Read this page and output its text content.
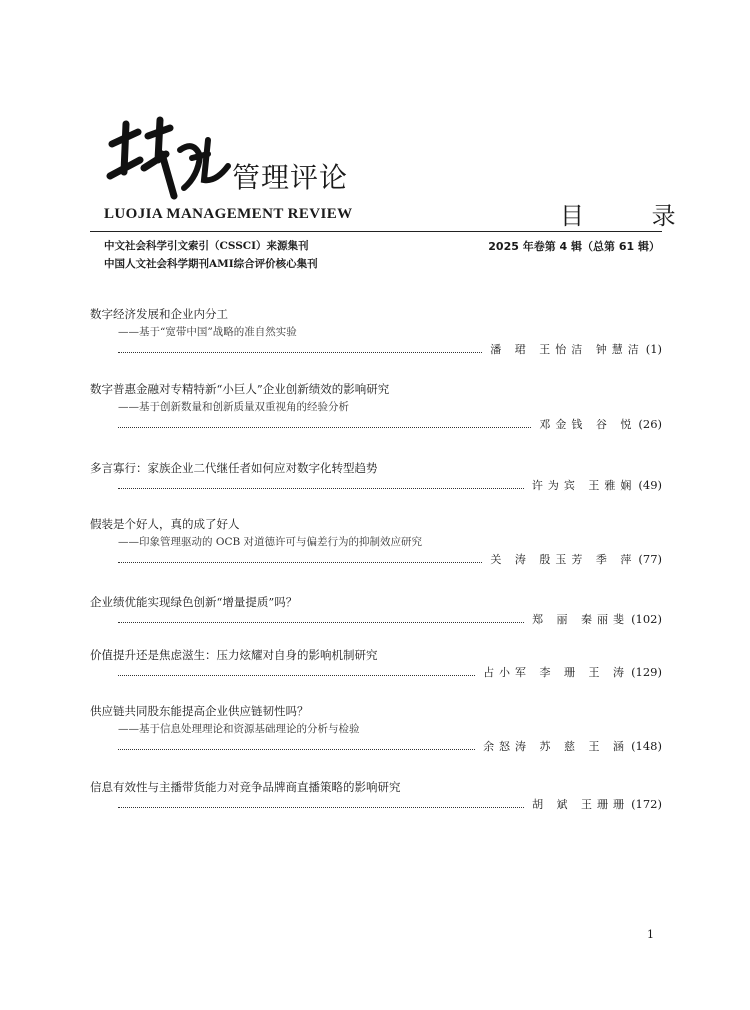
管理评论
LUOJIA MANAGEMENT REVIEW	目 录
中文社会科学引文索引（CSSCI）来源集刊
中国人文社会科学期刊AMI综合评价核心集刊
2025 年卷第 4 辑（总第 61 辑）
数字经济发展和企业内分工
——基于“宽带中国”战略的准自然实验
潘 珺 王怡洁 钟慧洁 (1)
数字普惠金融对专精特新“小巨人”企业创新绩效的影响研究
——基于创新数量和创新质量双重视角的经验分析
邓金钱 谷 悦 (26)
多言寡行：家族企业二代继任者如何应对数字化转型趋势
许为宾 王雅娴 (49)
假装是个好人，真的成了好人
——印象管理驱动的 OCB 对道德许可与偏差行为的抑制效应研究
关 涛 殷玉芳 季 萍 (77)
企业绩优能实现绿色创新“增量提质”吗？
郑 丽 秦丽斐 (102)
价值提升还是焦虑滋生：压力炫耀对自身的影响机制研究
占小军 李 珊 王 涛 (129)
供应链共同股东能提高企业供应链韧性吗？
——基于信息处理理论和资源基础理论的分析与检验
余怒涛 苏 慈 王 涵 (148)
信息有效性与主播带货能力对竞争品牌商直播策略的影响研究
胡 斌 王珊珊 (172)
1
